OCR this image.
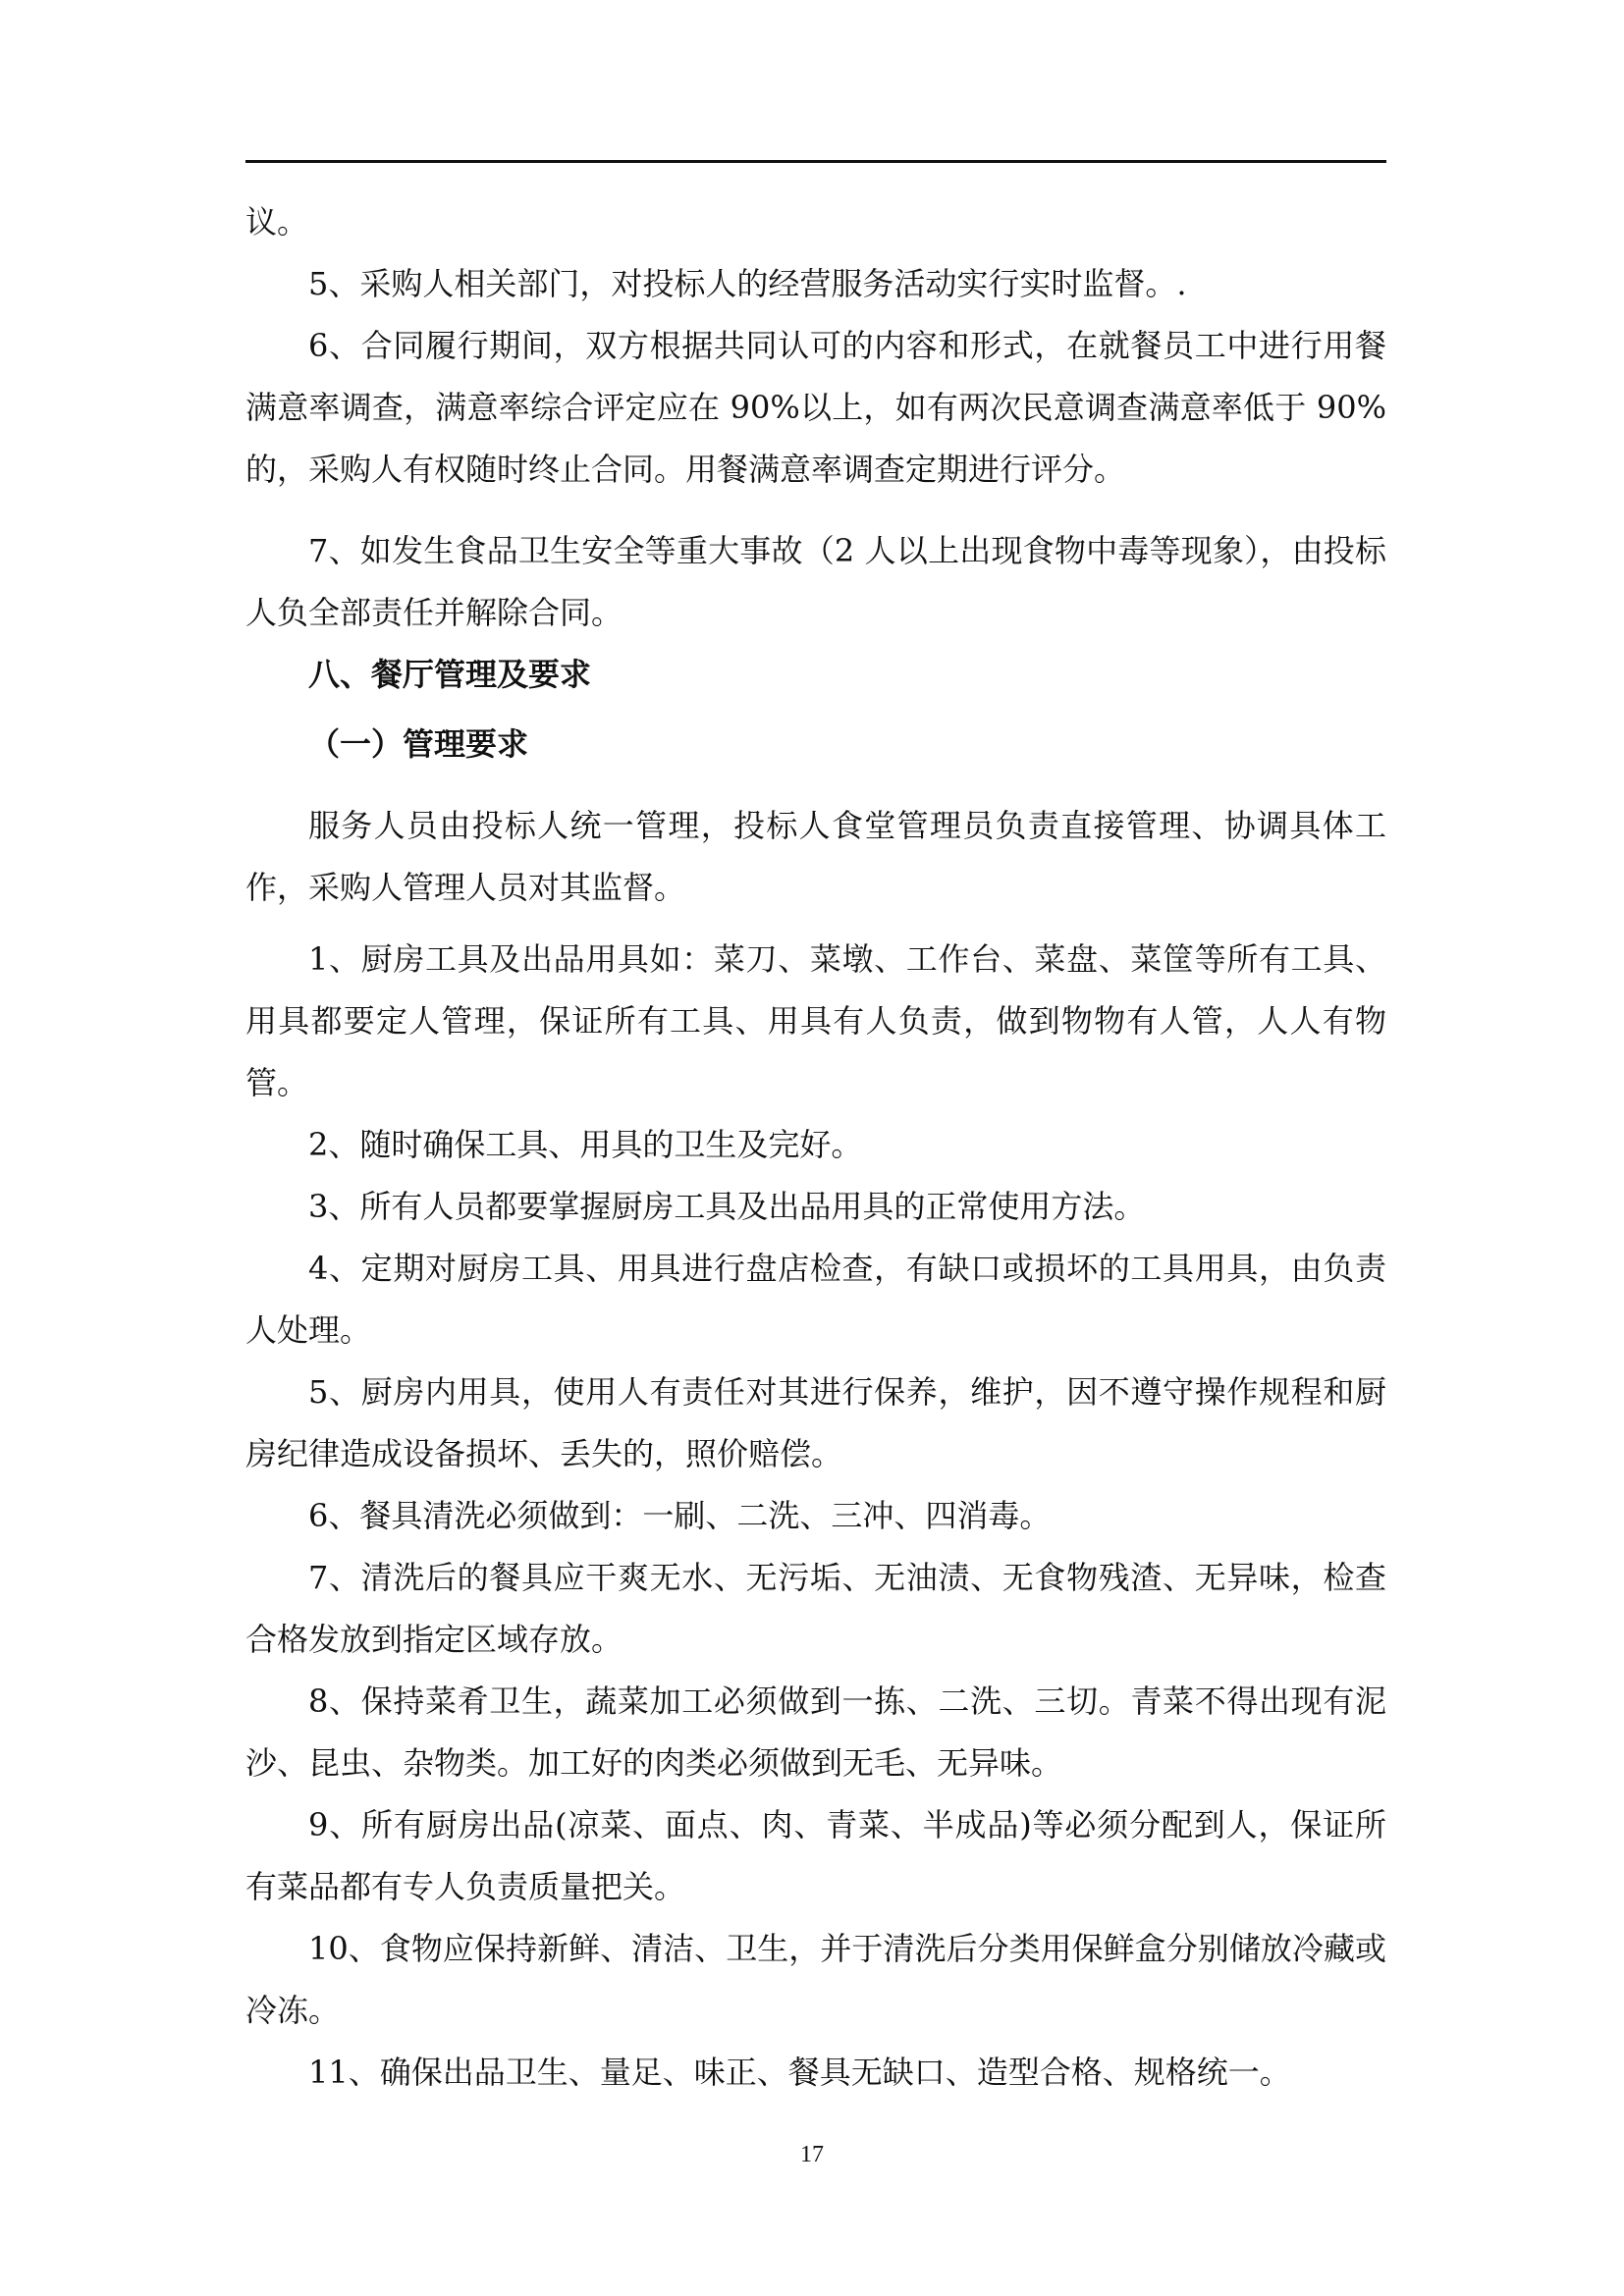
议。

5、采购人相关部门，对投标人的经营服务活动实行实时监督。.

6、合同履行期间，双方根据共同认可的内容和形式，在就餐员工中进行用餐满意率调查，满意率综合评定应在 90%以上，如有两次民意调查满意率低于 90%的，采购人有权随时终止合同。用餐满意率调查定期进行评分。

7、如发生食品卫生安全等重大事故（2 人以上出现食物中毒等现象），由投标人负全部责任并解除合同。

八、餐厅管理及要求

（一）管理要求

服务人员由投标人统一管理，投标人食堂管理员负责直接管理、协调具体工作，采购人管理人员对其监督。

1、厨房工具及出品用具如：菜刀、菜墩、工作台、菜盘、菜筐等所有工具、用具都要定人管理，保证所有工具、用具有人负责，做到物物有人管，人人有物管。

2、随时确保工具、用具的卫生及完好。

3、所有人员都要掌握厨房工具及出品用具的正常使用方法。

4、定期对厨房工具、用具进行盘店检查，有缺口或损坏的工具用具，由负责人处理。

5、厨房内用具，使用人有责任对其进行保养，维护，因不遵守操作规程和厨房纪律造成设备损坏、丢失的，照价赔偿。

6、餐具清洗必须做到：一刷、二洗、三冲、四消毒。

7、清洗后的餐具应干爽无水、无污垢、无油渍、无食物残渣、无异味，检查合格发放到指定区域存放。

8、保持菜肴卫生，蔬菜加工必须做到一拣、二洗、三切。青菜不得出现有泥沙、昆虫、杂物类。加工好的肉类必须做到无毛、无异味。

9、所有厨房出品(凉菜、面点、肉、青菜、半成品)等必须分配到人，保证所有菜品都有专人负责质量把关。

10、食物应保持新鲜、清洁、卫生，并于清洗后分类用保鲜盒分别储放冷藏或冷冻。

11、确保出品卫生、量足、味正、餐具无缺口、造型合格、规格统一。

17
